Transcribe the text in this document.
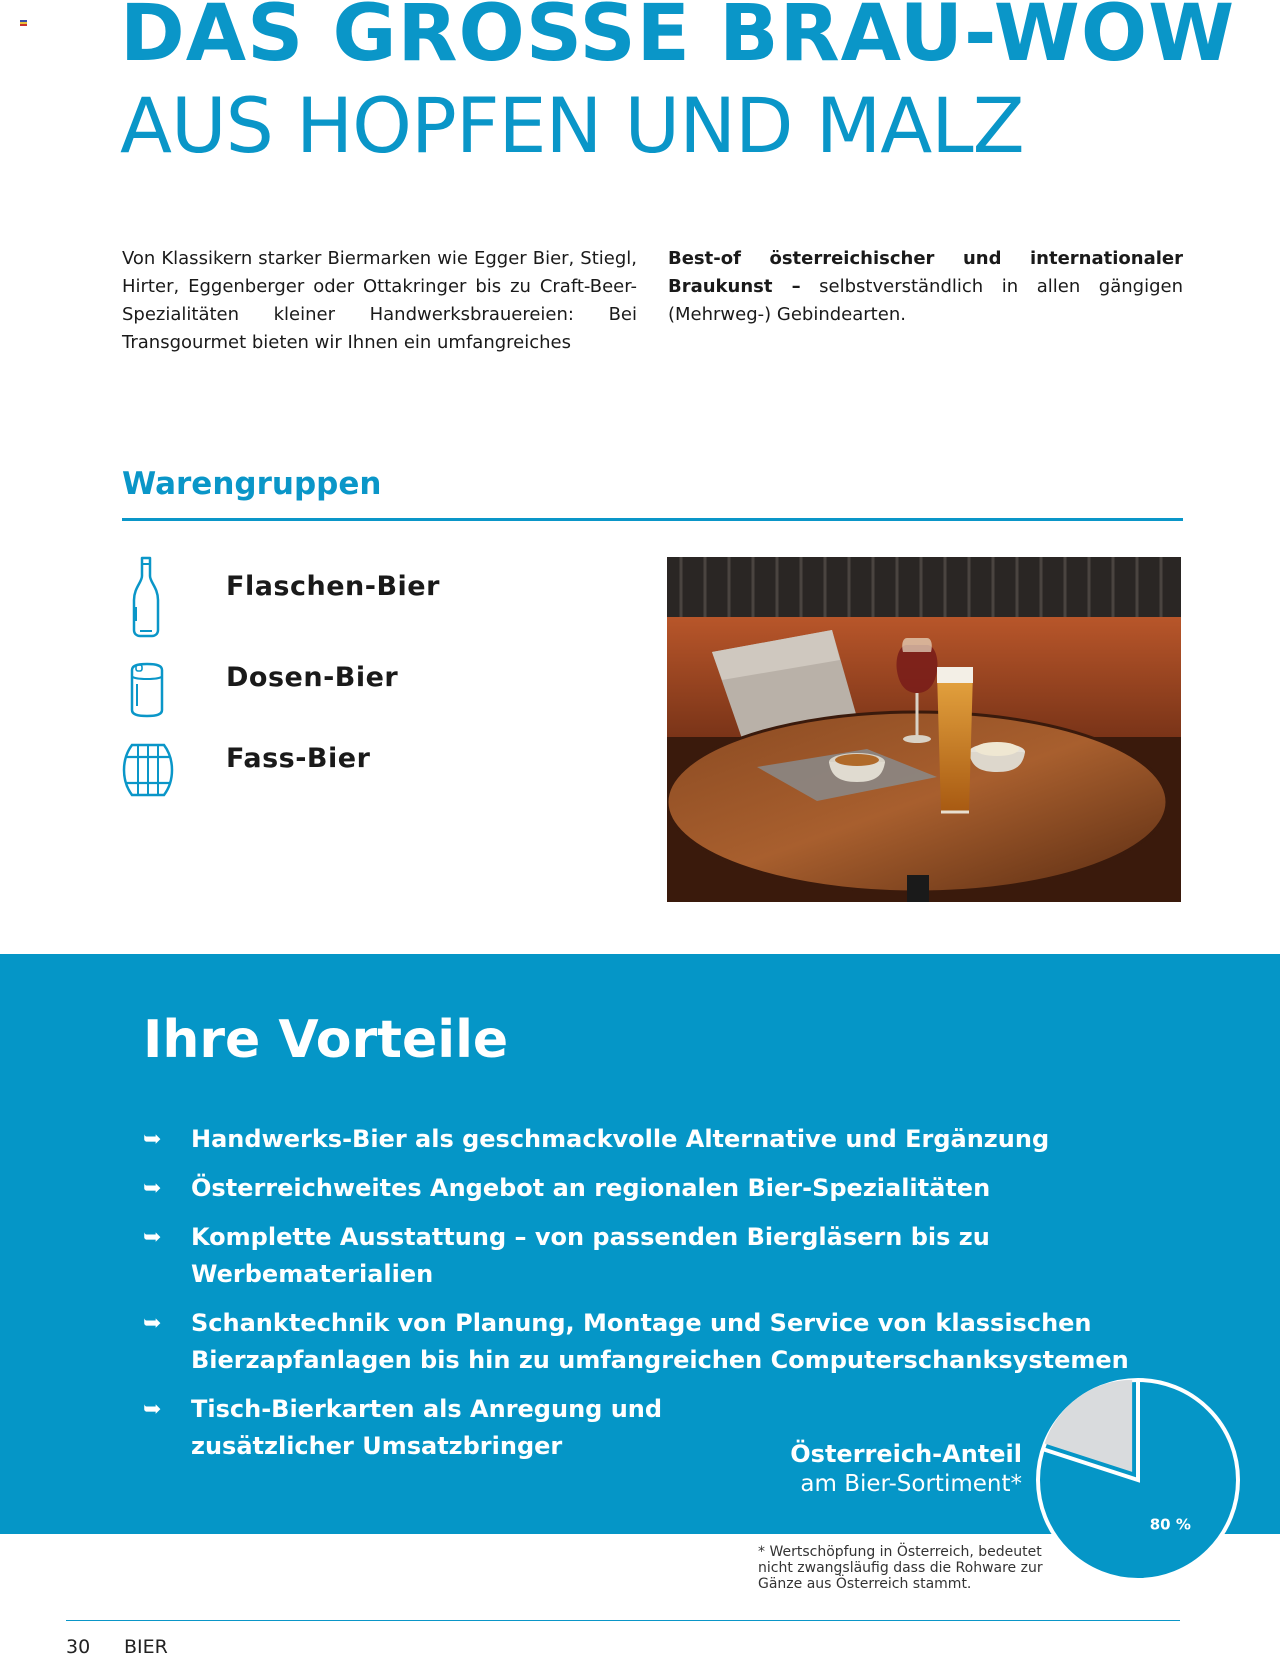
DAS GROSSE BRAU-WOW
AUS HOPFEN UND MALZ
Von Klassikern starker Biermarken wie Egger Bier, Stiegl, Hirter, Eggenberger oder Ottakringer bis zu Craft-Beer-Spezialitäten kleiner Handwerksbrauereien: Bei Transgourmet bieten wir Ihnen ein umfangreiches
Best-of österreichischer und internationaler Braukunst – selbstverständlich in allen gängigen (Mehrweg-) Gebindearten.
Warengruppen
Flaschen-Bier
Dosen-Bier
Fass-Bier
Ihre Vorteile
➥ Handwerks-Bier als geschmackvolle Alternative und Ergänzung
➥ Österreichweites Angebot an regionalen Bier-Spezialitäten
➥ Komplette Ausstattung – von passenden Biergläsern bis zu Werbematerialien
➥ Schanktechnik von Planung, Montage und Service von klassischen
Bierzapfanlagen bis hin zu umfangreichen Computerschanksystemen
➥ Tisch-Bierkarten als Anregung und
zusätzlicher Umsatzbringer	Österreich-Anteil
am Bier-Sortiment*
80 %
* Wertschöpfung in Österreich, bedeutet nicht zwangsläufig dass die Rohware zur Gänze aus Österreich stammt.
30 BIER
